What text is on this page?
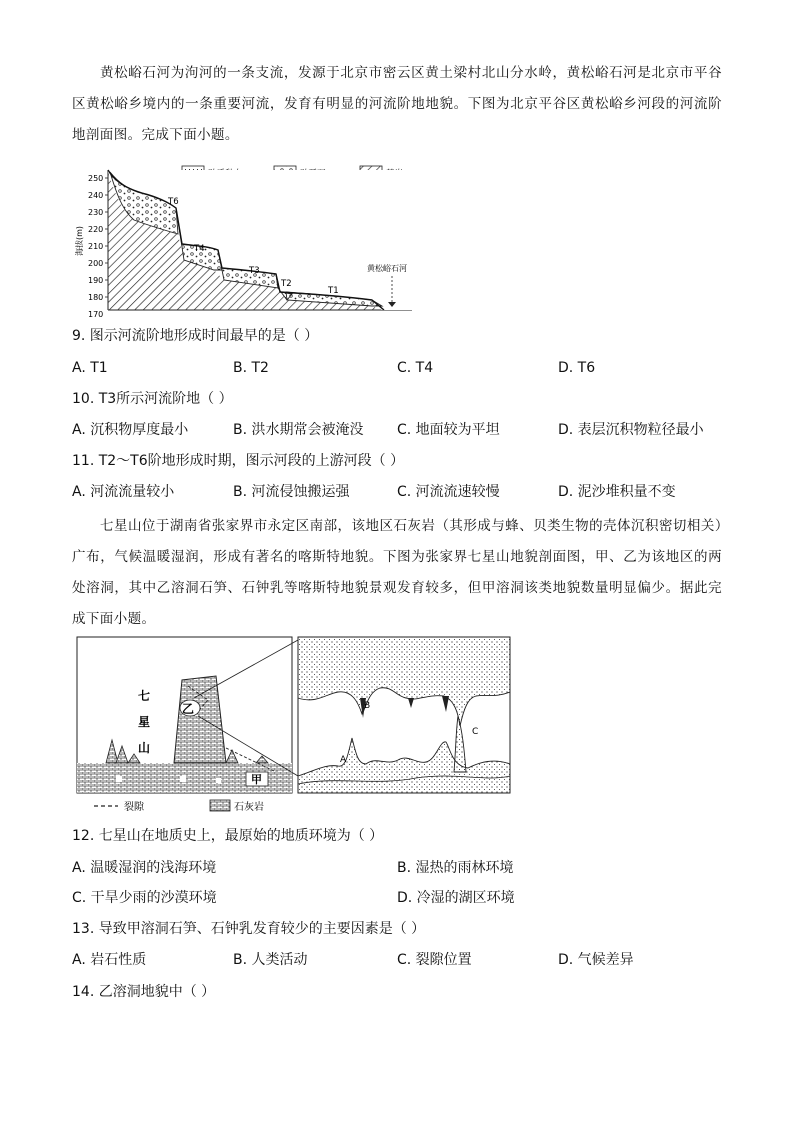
黄松峪石河为泃河的一条支流，发源于北京市密云区黄土梁村北山分水岭，黄松峪石河是北京市平谷区黄松峪乡境内的一条重要河流，发育有明显的河流阶地地貌。下图为北京平谷区黄松峪乡河段的河流阶地剖面图。完成下面小题。
250
240
230
220
210
200
190
180
170
海拔(m)
T6
T4
T3
T2
T1
黄松峪石河
9. 图示河流阶地形成时间最早的是（ ）
A. T1	B. T2	C. T4	D. T6
10. T3所示河流阶地（ ）
A. 沉积物厚度最小	B. 洪水期常会被淹没 C. 地面较为平坦	D. 表层沉积物粒径最小
11. T2～T6阶地形成时期，图示河段的上游河段（ ）
A. 河流流量较小	B. 河流侵蚀搬运强	C. 河流流速较慢	D. 泥沙堆积量不变
七星山位于湖南省张家界市永定区南部，该地区石灰岩（其形成与蜂、贝类生物的壳体沉积密切相关）广布，气候温暖湿润，形成有著名的喀斯特地貌。下图为张家界七星山地貌剖面图，甲、乙为该地区的两处溶洞，其中乙溶洞石笋、石钟乳等喀斯特地貌景观发育较多，但甲溶洞该类地貌数量明显偏少。据此完成下面小题。
乙
甲
七
星
山
B
A
C
裂隙	石灰岩
12. 七星山在地质史上，最原始的地质环境为（ ）
A. 温暖湿润的浅海环境	B. 湿热的雨林环境
C. 干旱少雨的沙漠环境	D. 冷湿的湖区环境
13. 导致甲溶洞石笋、石钟乳发育较少的主要因素是（ ）
A. 岩石性质	B. 人类活动	C. 裂隙位置	D. 气候差异
14. 乙溶洞地貌中（ ）
